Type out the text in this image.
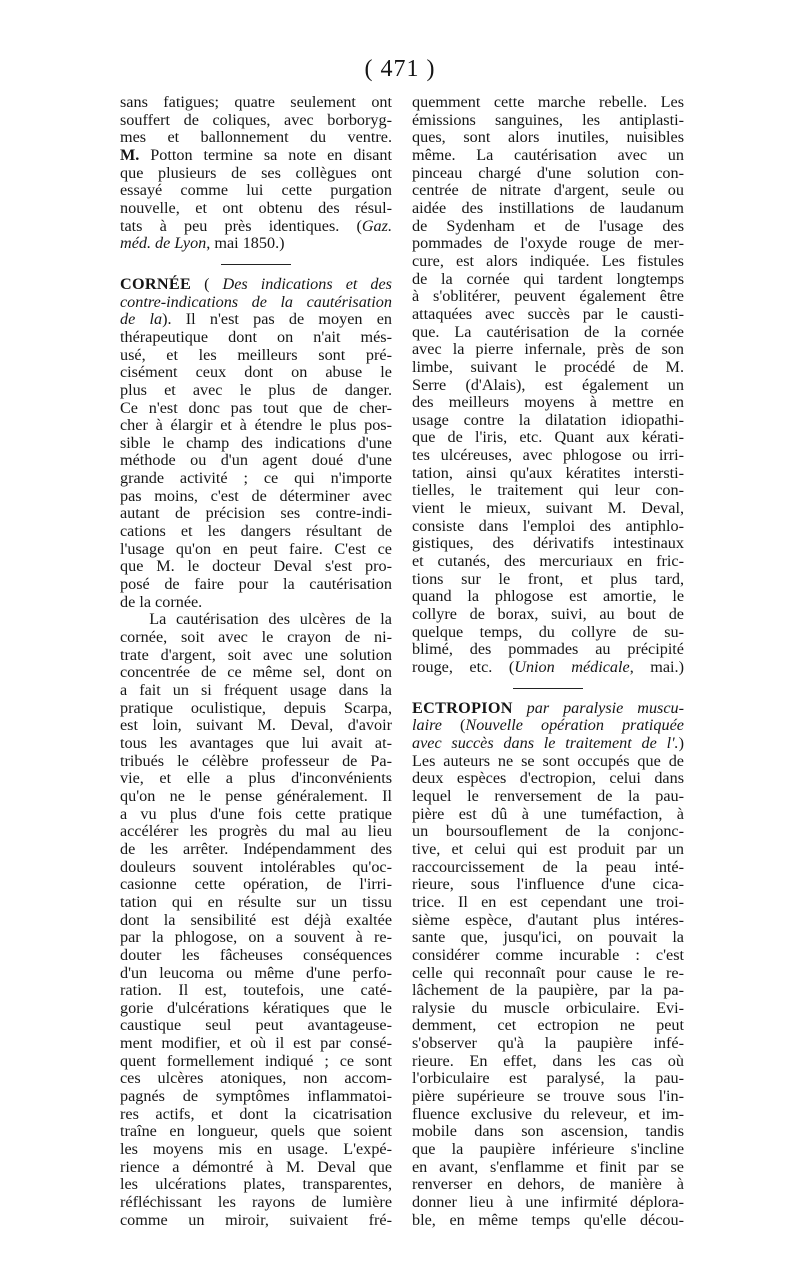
( 471 )

sans fatigues; quatre seulement ont
souffert de coliques, avec borboryg-
mes et ballonnement du ventre.
M. Potton termine sa note en disant
que plusieurs de ses collègues ont
essayé comme lui cette purgation
nouvelle, et ont obtenu des résul-
tats à peu près identiques. (Gaz.
méd. de Lyon, mai 1850.)

CORNÉE ( Des indications et des
contre-indications de la cautérisation
de la). Il n'est pas de moyen en
thérapeutique dont on n'ait més-
usé, et les meilleurs sont pré-
cisément ceux dont on abuse le
plus et avec le plus de danger.
Ce n'est donc pas tout que de cher-
cher à élargir et à étendre le plus pos-
sible le champ des indications d'une
méthode ou d'un agent doué d'une
grande activité ; ce qui n'importe
pas moins, c'est de déterminer avec
autant de précision ses contre-indi-
cations et les dangers résultant de
l'usage qu'on en peut faire. C'est ce
que M. le docteur Deval s'est pro-
posé de faire pour la cautérisation
de la cornée.

La cautérisation des ulcères de la
cornée, soit avec le crayon de ni-
trate d'argent, soit avec une solution
concentrée de ce même sel, dont on
a fait un si fréquent usage dans la
pratique oculistique, depuis Scarpa,
est loin, suivant M. Deval, d'avoir
tous les avantages que lui avait at-
tribués le célèbre professeur de Pa-
vie, et elle a plus d'inconvénients
qu'on ne le pense généralement. Il
a vu plus d'une fois cette pratique
accélérer les progrès du mal au lieu
de les arrêter. Indépendamment des
douleurs souvent intolérables qu'oc-
casionne cette opération, de l'irri-
tation qui en résulte sur un tissu
dont la sensibilité est déjà exaltée
par la phlogose, on a souvent à re-
douter les fâcheuses conséquences
d'un leucoma ou même d'une perfo-
ration. Il est, toutefois, une caté-
gorie d'ulcérations kératiques que le
caustique seul peut avantageuse-
ment modifier, et où il est par consé-
quent formellement indiqué ; ce sont
ces ulcères atoniques, non accom-
pagnés de symptômes inflammatoi-
res actifs, et dont la cicatrisation
traîne en longueur, quels que soient
les moyens mis en usage. L'expé-
rience a démontré à M. Deval que
les ulcérations plates, transparentes,
réfléchissant les rayons de lumière
comme un miroir, suivaient fré-

quemment cette marche rebelle. Les
émissions sanguines, les antiplasti-
ques, sont alors inutiles, nuisibles
même. La cautérisation avec un
pinceau chargé d'une solution con-
centrée de nitrate d'argent, seule ou
aidée des instillations de laudanum
de Sydenham et de l'usage des
pommades de l'oxyde rouge de mer-
cure, est alors indiquée. Les fistules
de la cornée qui tardent longtemps
à s'oblitérer, peuvent également être
attaquées avec succès par le causti-
que. La cautérisation de la cornée
avec la pierre infernale, près de son
limbe, suivant le procédé de M.
Serre (d'Alais), est également un
des meilleurs moyens à mettre en
usage contre la dilatation idiopathi-
que de l'iris, etc. Quant aux kérati-
tes ulcéreuses, avec phlogose ou irri-
tation, ainsi qu'aux kératites intersti-
tielles, le traitement qui leur con-
vient le mieux, suivant M. Deval,
consiste dans l'emploi des antiphlo-
gistiques, des dérivatifs intestinaux
et cutanés, des mercuriaux en fric-
tions sur le front, et plus tard,
quand la phlogose est amortie, le
collyre de borax, suivi, au bout de
quelque temps, du collyre de su-
blimé, des pommades au précipité
rouge, etc. (Union médicale, mai.)

ECTROPION par paralysie muscu-
laire (Nouvelle opération pratiquée
avec succès dans le traitement de l'.)
Les auteurs ne se sont occupés que de
deux espèces d'ectropion, celui dans
lequel le renversement de la pau-
pière est dû à une tuméfaction, à
un boursouflement de la conjonc-
tive, et celui qui est produit par un
raccourcissement de la peau inté-
rieure, sous l'influence d'une cica-
trice. Il en est cependant une troi-
sième espèce, d'autant plus intéres-
sante que, jusqu'ici, on pouvait la
considérer comme incurable : c'est
celle qui reconnaît pour cause le re-
lâchement de la paupière, par la pa-
ralysie du muscle orbiculaire. Evi-
demment, cet ectropion ne peut
s'observer qu'à la paupière infé-
rieure. En effet, dans les cas où
l'orbiculaire est paralysé, la pau-
pière supérieure se trouve sous l'in-
fluence exclusive du releveur, et im-
mobile dans son ascension, tandis
que la paupière inférieure s'incline
en avant, s'enflamme et finit par se
renverser en dehors, de manière à
donner lieu à une infirmité déplora-
ble, en même temps qu'elle décou-
